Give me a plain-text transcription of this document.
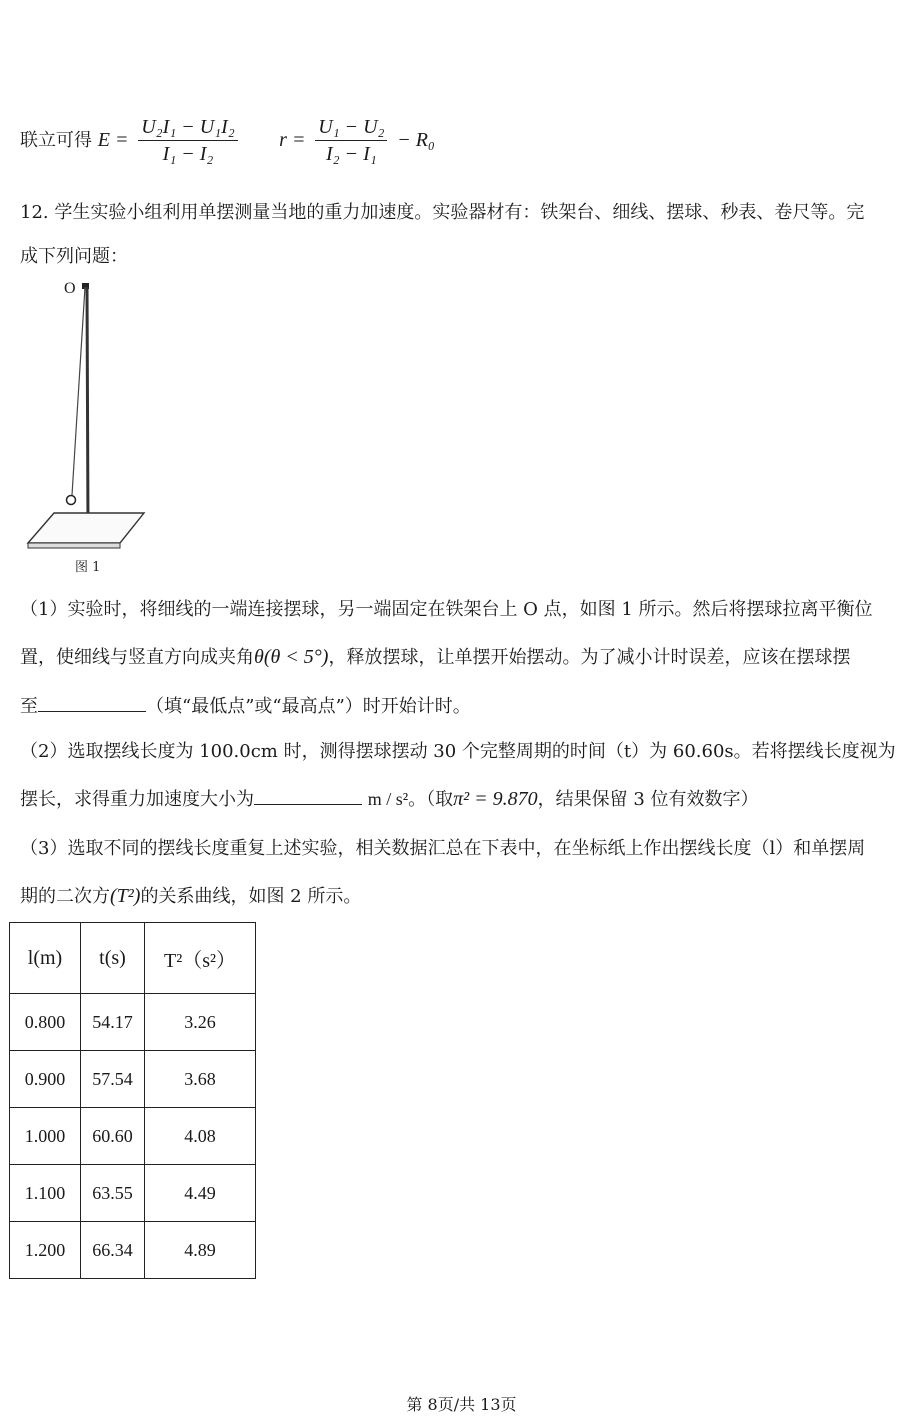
联立可得 $E = \frac{\text{U₂I₁ − U₁I₂}}{\text{I₁ − I₂}}$ $r = \frac{\text{U₁ − U₂}}{\text{I₂ − I₁}} - R_0$
12. 学生实验小组利用单摆测量当地的重力加速度。实验器材有：铁架台、细线、摆球、秒表、卷尺等。完
成下列问题：
O
图 1
（1）实验时，将细线的一端连接摆球，另一端固定在铁架台上 O 点，如图 1 所示。然后将摆球拉离平衡位
置，使细线与竖直方向成夹角θ(θ < 5°)，释放摆球，让单摆开始摆动。为了减小计时误差，应该在摆球摆
至	（填“最低点”或“最高点”）时开始计时。
（2）选取摆线长度为 100.0cm 时，测得摆球摆动 30 个完整周期的时间（t）为 60.60s。若将摆线长度视为
摆长，求得重力加速度大小为	m / s²。（取π² = 9.870，结果保留 3 位有效数字）
（3）选取不同的摆线长度重复上述实验，相关数据汇总在下表中，在坐标纸上作出摆线长度（l）和单摆周
期的二次方(T²)的关系曲线，如图 2 所示。
l(m)	t(s)	T²（s²）
0.800	54.17	3.26
0.900	57.54	3.68
1.000	60.60	4.08
1.100	63.55	4.49
1.200	66.34	4.89
第 8页/共 13页
